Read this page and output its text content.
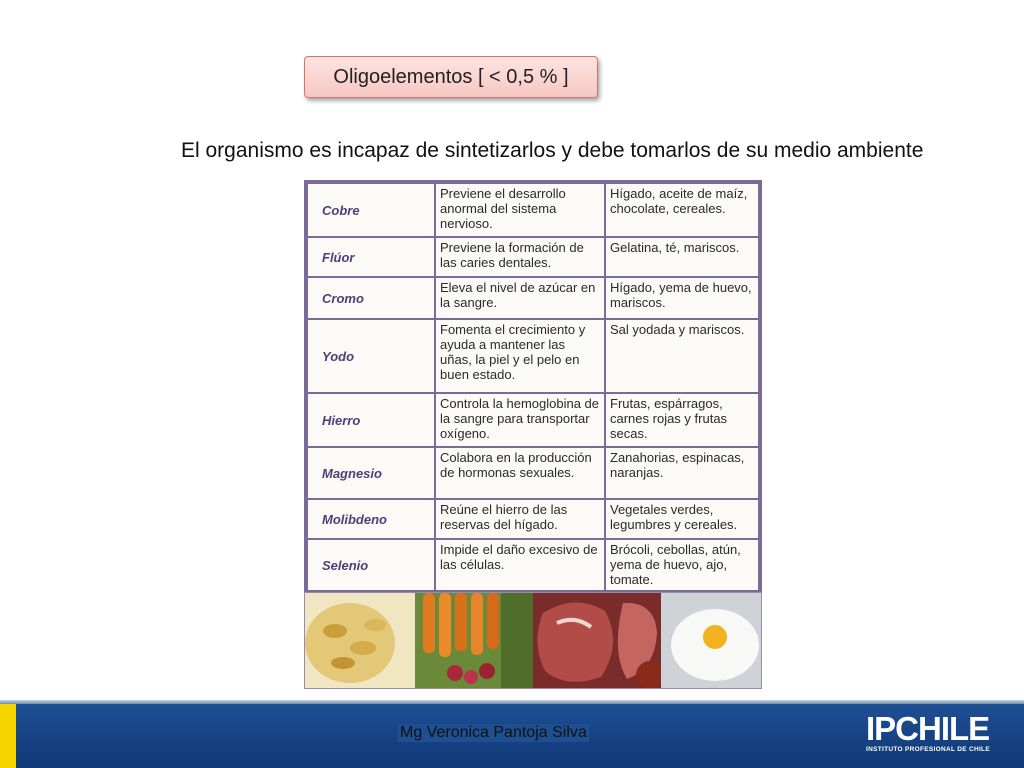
Oligoelementos [ < 0,5 % ]
El organismo es incapaz de sintetizarlos y debe tomarlos de su medio ambiente
Cobre	Previene el desarrollo anormal del sistema nervioso.	Hígado, aceite de maíz, chocolate, cereales.
Flúor	Previene la formación de las caries dentales.	Gelatina, té, mariscos.
Cromo	Eleva el nivel de azúcar en la sangre.	Hígado, yema de huevo, mariscos.
Yodo	Fomenta el crecimiento y ayuda a mantener las uñas, la piel y el pelo en buen estado.	Sal yodada y mariscos.
Hierro	Controla la hemoglobina de la sangre para transportar oxígeno.	Frutas, espárragos, carnes rojas y frutas secas.
Magnesio	Colabora en la producción de hormonas sexuales.	Zanahorias, espinacas, naranjas.
Molibdeno	Reúne el hierro de las reservas del hígado.	Vegetales verdes, legumbres y cereales.
Selenio	Impide el daño excesivo de las células.	Brócoli, cebollas, atún, yema de huevo, ajo, tomate.
Mg Veronica Pantoja Silva	IPCHILE
INSTITUTO PROFESIONAL DE CHILE
